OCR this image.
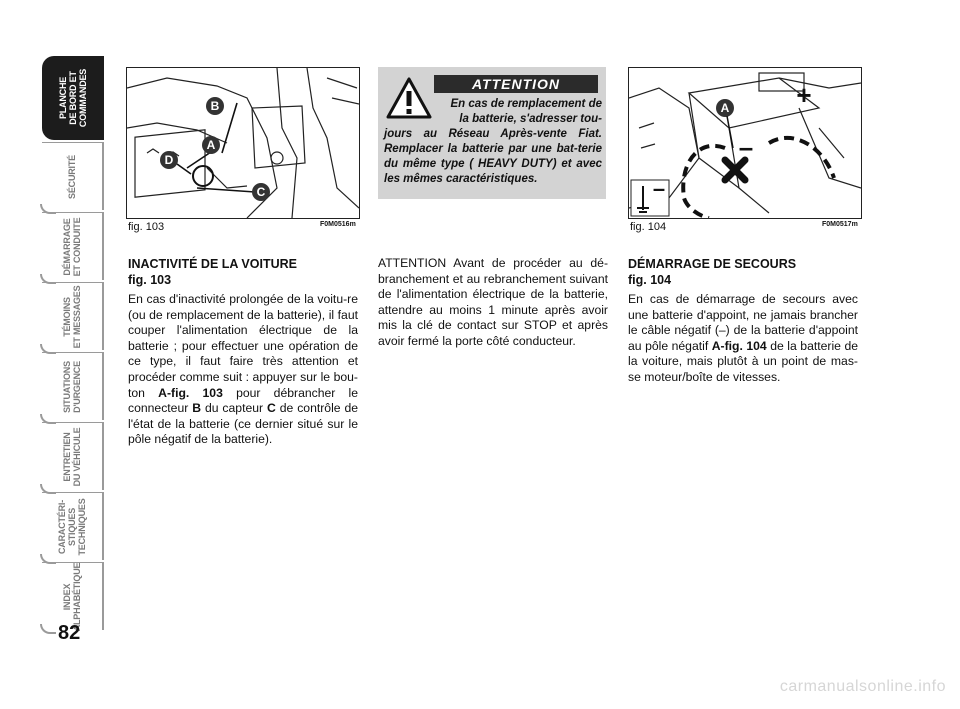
PLANCHE
DE BORD ET
COMMANDES
SÉCURITÉ
DÉMARRAGE
ET CONDUITE
TÉMOINS
ET MESSAGES
SITUATIONS
D'URGENCE
ENTRETIEN
DU VÉHICULE
CARACTÉRI-
STIQUES
TECHNIQUES
INDEX
ALPHABÉTIQUE
82
B
A
D
C
fig. 103	F0M0516m
ATTENTION
En cas de remplacement de la batterie, s'adresser tou-
jours au Réseau Après-vente Fiat. Remplacer la batterie par une bat-terie du même type ( HEAVY DUTY) et avec les mêmes caractéristiques.	–
–
+
A
fig. 104	F0M0517m

INACTIVITÉ DE LA VOITURE

fig. 103

En cas d'inactivité prolongée de la voitu-re (ou de remplacement de la batterie), il faut couper l'alimentation électrique de la batterie ; pour effectuer une opération de ce type, il faut faire très attention et procéder comme suit : appuyer sur le bou-ton A-fig. 103 pour débrancher le connecteur B du capteur C de contrôle de l'état de la batterie (ce dernier situé sur le pôle négatif de la batterie).

ATTENTION Avant de procéder au dé-branchement et au rebranchement suivant de l'alimentation électrique de la batterie, attendre au moins 1 minute après avoir mis la clé de contact sur STOP et après avoir fermé la porte côté conducteur.

DÉMARRAGE DE SECOURS

fig. 104

En cas de démarrage de secours avec une batterie d'appoint, ne jamais brancher le câble négatif (–) de la batterie d'appoint au pôle négatif A-fig. 104 de la batterie de la voiture, mais plutôt à un point de mas-se moteur/boîte de vitesses.

carmanualsonline.info
